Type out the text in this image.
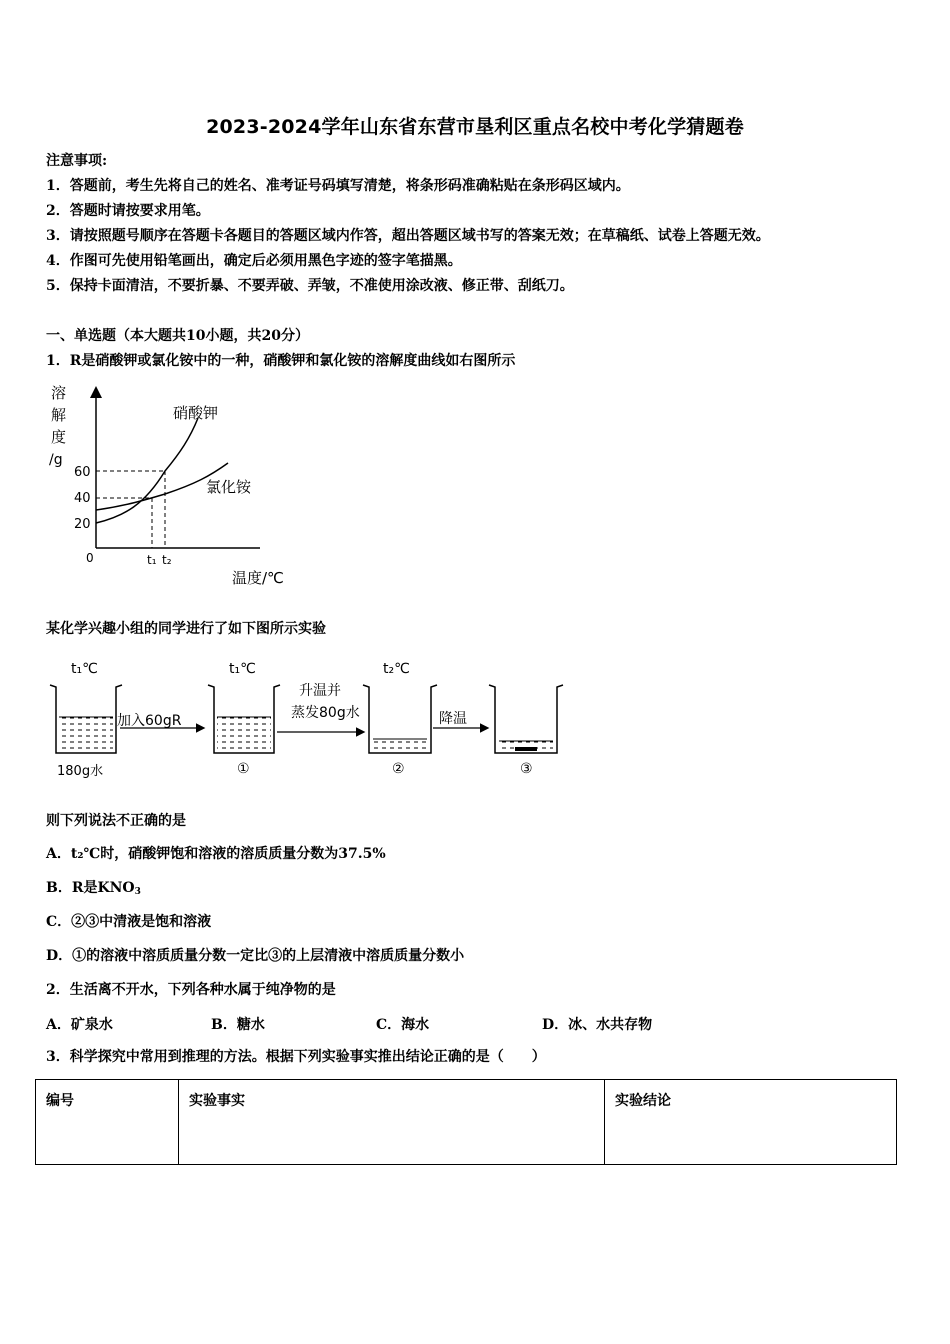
2023-2024学年山东省东营市垦利区重点名校中考化学猜题卷
注意事项:
1．答题前，考生先将自己的姓名、准考证号码填写清楚，将条形码准确粘贴在条形码区域内。
2．答题时请按要求用笔。
3．请按照题号顺序在答题卡各题目的答题区域内作答，超出答题区域书写的答案无效；在草稿纸、试卷上答题无效。
4．作图可先使用铅笔画出，确定后必须用黑色字迹的签字笔描黑。
5．保持卡面清洁，不要折暴、不要弄破、弄皱，不准使用涂改液、修正带、刮纸刀。
一、单选题（本大题共10小题，共20分）
1．R是硝酸钾或氯化铵中的一种，硝酸钾和氯化铵的溶解度曲线如右图所示
溶
解
度
/g
60
40
20
0
硝酸钾
氯化铵
t₁ t₂
温度/℃
某化学兴趣小组的同学进行了如下图所示实验
t₁℃
180g水
加入60gR
t₁℃
①
升温并
蒸发80g水
t₂℃
②
降温
③
则下列说法不正确的是
A．t₂℃时，硝酸钾饱和溶液的溶质质量分数为37.5%
B．R是$KNO_3$
C．②③中清液是饱和溶液
D．①的溶液中溶质质量分数一定比③的上层清液中溶质质量分数小
2．生活离不开水，下列各种水属于纯净物的是
A．矿泉水	B．糖水	C．海水	D．冰、水共存物
3．科学探究中常用到推理的方法。根据下列实验事实推出结论正确的是（　　）
编号	实验事实	实验结论
